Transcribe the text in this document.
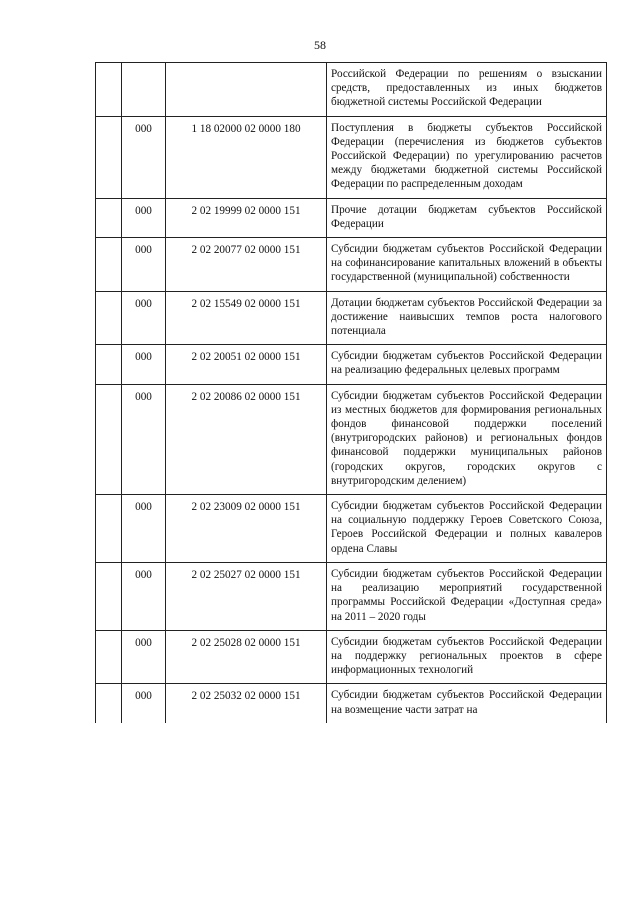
58
			Российской Федерации по решениям о взыскании средств, предоставленных из иных бюджетов бюджетной системы Российской Федерации
	000	1 18 02000 02 0000 180	Поступления в бюджеты субъектов Российской Федерации (перечисления из бюджетов субъектов Российской Федерации) по урегулированию расчетов между бюджетами бюджетной системы Российской Федерации по распределенным доходам
	000	2 02 19999 02 0000 151	Прочие дотации бюджетам субъектов Российской Федерации
	000	2 02 20077 02 0000 151	Субсидии бюджетам субъектов Российской Федерации на софинансирование капитальных вложений в объекты государственной (муниципальной) собственности
	000	2 02 15549 02 0000 151	Дотации бюджетам субъектов Российской Федерации за достижение наивысших темпов роста налогового потенциала
	000	2 02 20051 02 0000 151	Субсидии бюджетам субъектов Российской Федерации на реализацию федеральных целевых программ
	000	2 02 20086 02 0000 151	Субсидии бюджетам субъектов Российской Федерации из местных бюджетов для формирования региональных фондов финансовой поддержки поселений (внутригородских районов) и региональных фондов финансовой поддержки муниципальных районов (городских округов, городских округов с внутригородским делением)
	000	2 02 23009 02 0000 151	Субсидии бюджетам субъектов Российской Федерации на социальную поддержку Героев Советского Союза, Героев Российской Федерации и полных кавалеров ордена Славы
	000	2 02 25027 02 0000 151	Субсидии бюджетам субъектов Российской Федерации на реализацию мероприятий государственной программы Российской Федерации «Доступная среда» на 2011 – 2020 годы
	000	2 02 25028 02 0000 151	Субсидии бюджетам субъектов Российской Федерации на поддержку региональных проектов в сфере информационных технологий
	000	2 02 25032 02 0000 151	Субсидии бюджетам субъектов Российской Федерации на возмещение части затрат на
